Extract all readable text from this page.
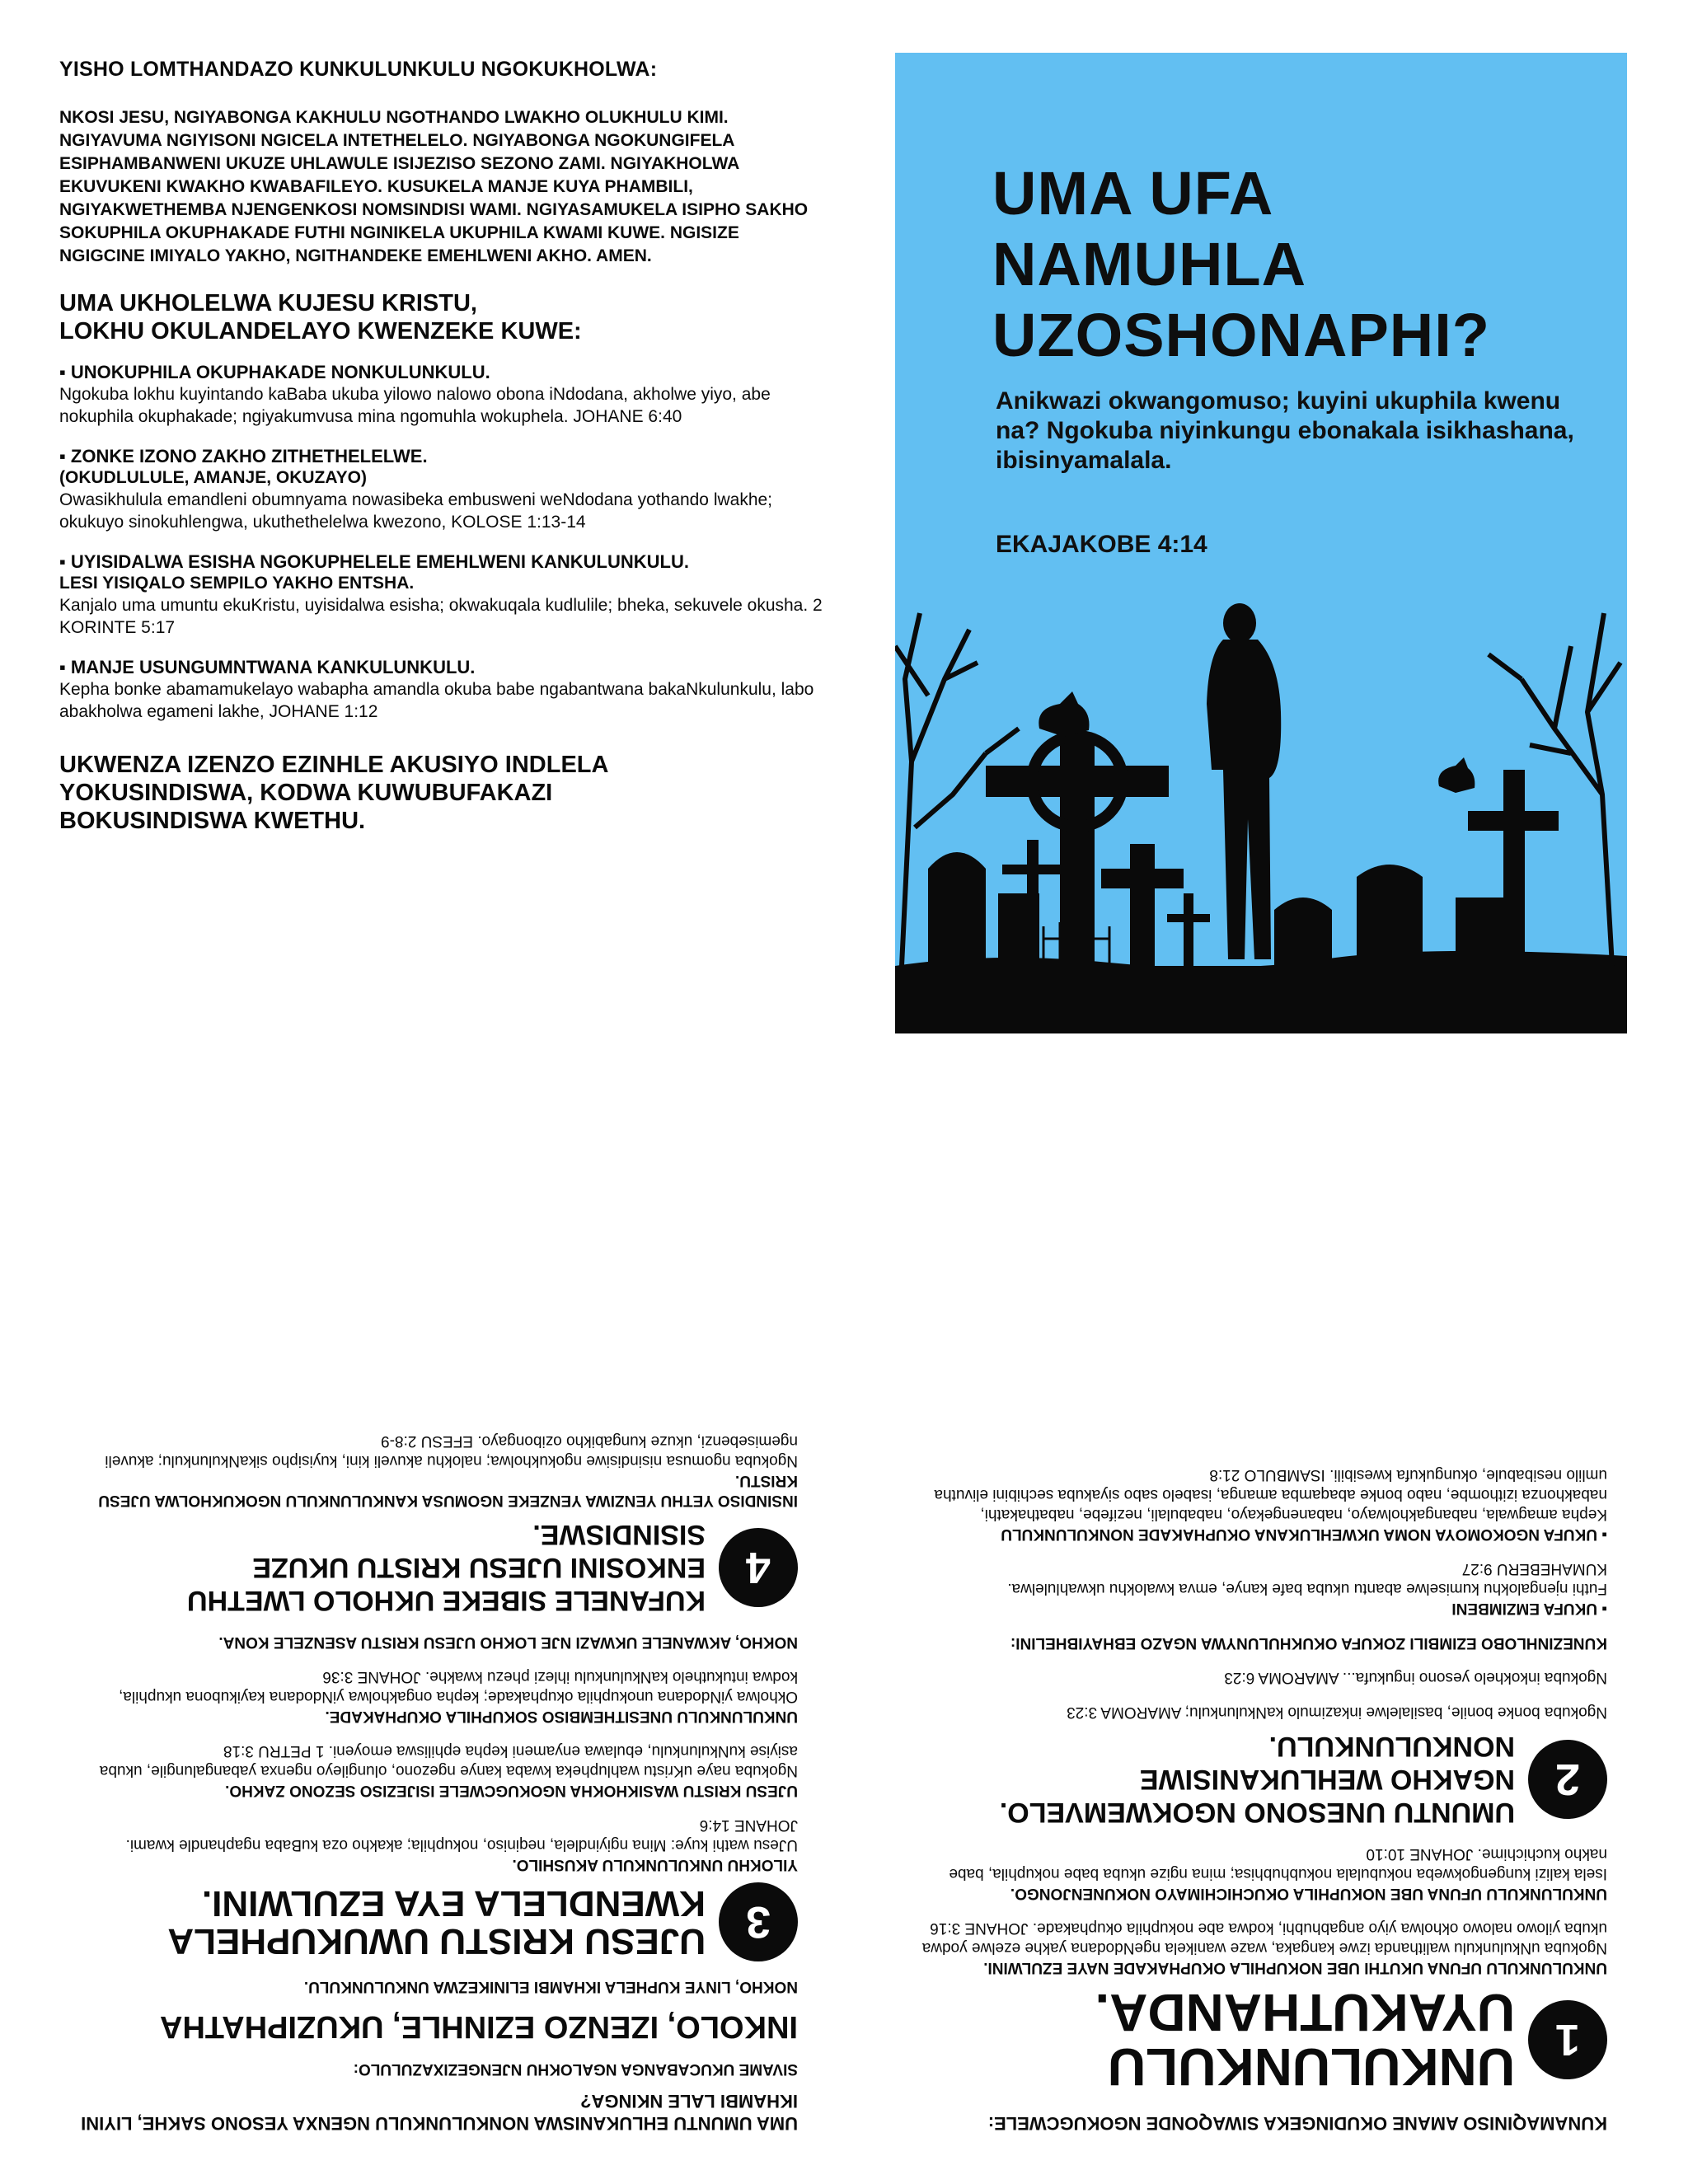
YISHO LOMTHANDAZO KUNKULUNKULU NGOKUKHOLWA:
NKOSI JESU, NGIYABONGA KAKHULU NGOTHANDO LWAKHO OLUKHULU KIMI. NGIYAVUMA NGIYISONI NGICELA INTETHELELO. NGIYABONGA NGOKUNGIFELA ESIPHAMBANWENI UKUZE UHLAWULE ISIJEZISO SEZONO ZAMI. NGIYAKHOLWA EKUVUKENI KWAKHO KWABAFILEYO. KUSUKELA MANJE KUYA PHAMBILI, NGIYAKWETHEMBA NJENGENKOSI NOMSINDISI WAMI. NGIYASAMUKELA ISIPHO SAKHO SOKUPHILA OKUPHAKADE FUTHI NGINIKELA UKUPHILA KWAMI KUWE. NGISIZE NGIGCINE IMIYALO YAKHO, NGITHANDEKE EMEHLWENI AKHO. AMEN.
UMA UKHOLELWA KUJESU KRISTU,
LOKHU OKULANDELAYO KWENZEKE KUWE:
▪ UNOKUPHILA OKUPHAKADE NONKULUNKULU.
Ngokuba lokhu kuyintando kaBaba ukuba yilowo nalowo obona iNdodana, akholwe yiyo, abe nokuphila okuphakade; ngiyakumvusa mina ngomuhla wokuphela. JOHANE 6:40
▪ ZONKE IZONO ZAKHO ZITHETHELELWE.
(OKUDLULULE, AMANJE, OKUZAYO)
Owasikhulula emandleni obumnyama nowasibeka embusweni weNdodana yothando lwakhe; okukuyo sinokuhlengwa, ukuthethelelwa kwezono, KOLOSE 1:13-14
▪ UYISIDALWA ESISHA NGOKUPHELELE EMEHLWENI KANKULUNKULU.
LESI YISIQALO SEMPILO YAKHO ENTSHA.
Kanjalo uma umuntu ekuKristu, uyisidalwa esisha; okwakuqala kudlulile; bheka, sekuvele okusha. 2 KORINTE 5:17
▪ MANJE USUNGUMNTWANA KANKULUNKULU.
Kepha bonke abamamukelayo wabapha amandla okuba babe ngabantwana bakaNkulunkulu, labo abakholwa egameni lakhe, JOHANE 1:12
UKWENZA IZENZO EZINHLE AKUSIYO INDLELA
YOKUSINDISWA, KODWA KUWUBUFAKAZI
BOKUSINDISWA KWETHU.
UMA UFA
NAMUHLA
UZOSHONAPHI?
Anikwazi okwangomuso; kuyini ukuphila kwenu na? Ngokuba niyinkungu ebonakala isikhashana, ibisinyamalala.
EKAJAKOBE 4:14
UMA UMUNTU EHLUKANISWA NONKULUNKULU NGENXA YESONO SAKHE, LIYINI IKHAMBI LALE NKINGA?
SIVAME UKUCABANGA NGALOKHU NJENGEZIXAZULULO:
INKOLO, IZENZO EZINHLE, UKUZIPHATHA
NOKHO, LINYE KUPHELA IKHAMBI ELINIKEZWA UNKULUNKULU.
3
UJESU KRISTU UWUKUPHELA
KWENDLELA EYA EZULWINI.
YILOKHU UNKULUNKULU AKUSHILO.
UJesu wathi kuye: Mina ngiyindlela, neqiniso, nokuphila; akakho oza kuBaba ngaphandle kwami. JOHANE 14:6
UJESU KRISTU WASIKHOKHA NGOKUGCWELE ISIJEZISO SEZONO ZAKHO.
Ngokuba naye uKristu wahlupheka kwaba kanye ngezono, olungileyo ngenxa yabangalungile, ukuba asiyise kuNkulunkulu, ebulawa enyameni kepha ephiliswa emoyeni. 1 PETRU 3:18
UNKULUNKULU UNESITHEMBISO SOKUPHILA OKUPHAKADE.
Okholwa yiNdodana unokuphila okuphakade; kepha ongakholwa yiNdodana kayikubona ukuphila, kodwa intukuthelo kaNkulunkulu ihlezi phezu kwakhe. JOHANE 3:36
NOKHO, AKWANELE UKWAZI NJE LOKHO UJESU KRISTU ASENZELE KONA.
4
KUFANELE SIBEKE UKHOLO LWETHU
ENKOSINI UJESU KRISTU UKUZE SISINDISWE.
INSINDISO YETHU YENZIWA YENZEKE NGOMUSA KANKULUNKULU NGOKUKHOLWA UJESU KRISTU.
Ngokuba ngomusa nisindisiwe ngokukholwa; nalokhu akuveli kini, kuyisipho sikaNkulunkulu; akuveli ngemisebenzi, ukuze kungabikho ozibongayo. EFESU 2:8-9
KUNAMAQINISO AMANE OKUDINGEKA SIWAQONDE NGOKUGCWELE:
1
UNKULUNKULU
UYAKUTHANDA.
UNKULUNKULU UFUNA UKUTHI UBE NOKUPHILA OKUPHAKADE NAYE EZULWINI.
Ngokuba uNkulunkulu walithanda izwe kangaka, waze wanikela ngeNdodana yakhe ezelwe yodwa ukuba yilowo nalowo okholwa yiyo angabhubhi, kodwa abe nokuphila okuphakade. JOHANE 3:16
UNKULUNKULU UFUNA UBE NOKUPHILA OKUCHICHIMAYO NOKUNENJONGO.
Isela kalizi kungengokweba nokubulala nokubhubhisa; mina ngize ukuba babe nokuphila, babe nakho kuchichime. JOHANE 10:10
2
UMUNTU UNESONO NGOKWEMVELO.
NGAKHO WEHLUKANISIWE NONKULUNKULU.
Ngokuba bonke bonile, basilalelwe inkazimulo kaNkulunkulu; AMAROMA 3:23
Ngokuba inkokhelo yesono ingukufa... AMAROMA 6:23
KUNEZINHLOBO EZIMBILI ZOKUFA OKUKHULUNYWA NGAZO EBHAYIBHELINI:
▪ UKUFA EMZIMBENI
Futhi njengalokhu kumiselwe abantu ukuba bafe kanye, emva kwalokhu ukwahlulelwa. KUMAHEBERU 9:27
▪ UKUFA NGOKOMOYA NOMA UKWEHLUKANA OKUPHAKADE NONKULUNKULU
Kepha amagwala, nabangakholwayo, nabanengekayo, nababulali, nezifebe, nabathakathi, nabakhonza izithombe, nabo bonke abaqamba amanga, isabelo sabo siyakuba sechibini elivutha umlilo nesibabule, okungukufa kwesibili. ISAMBULO 21:8
